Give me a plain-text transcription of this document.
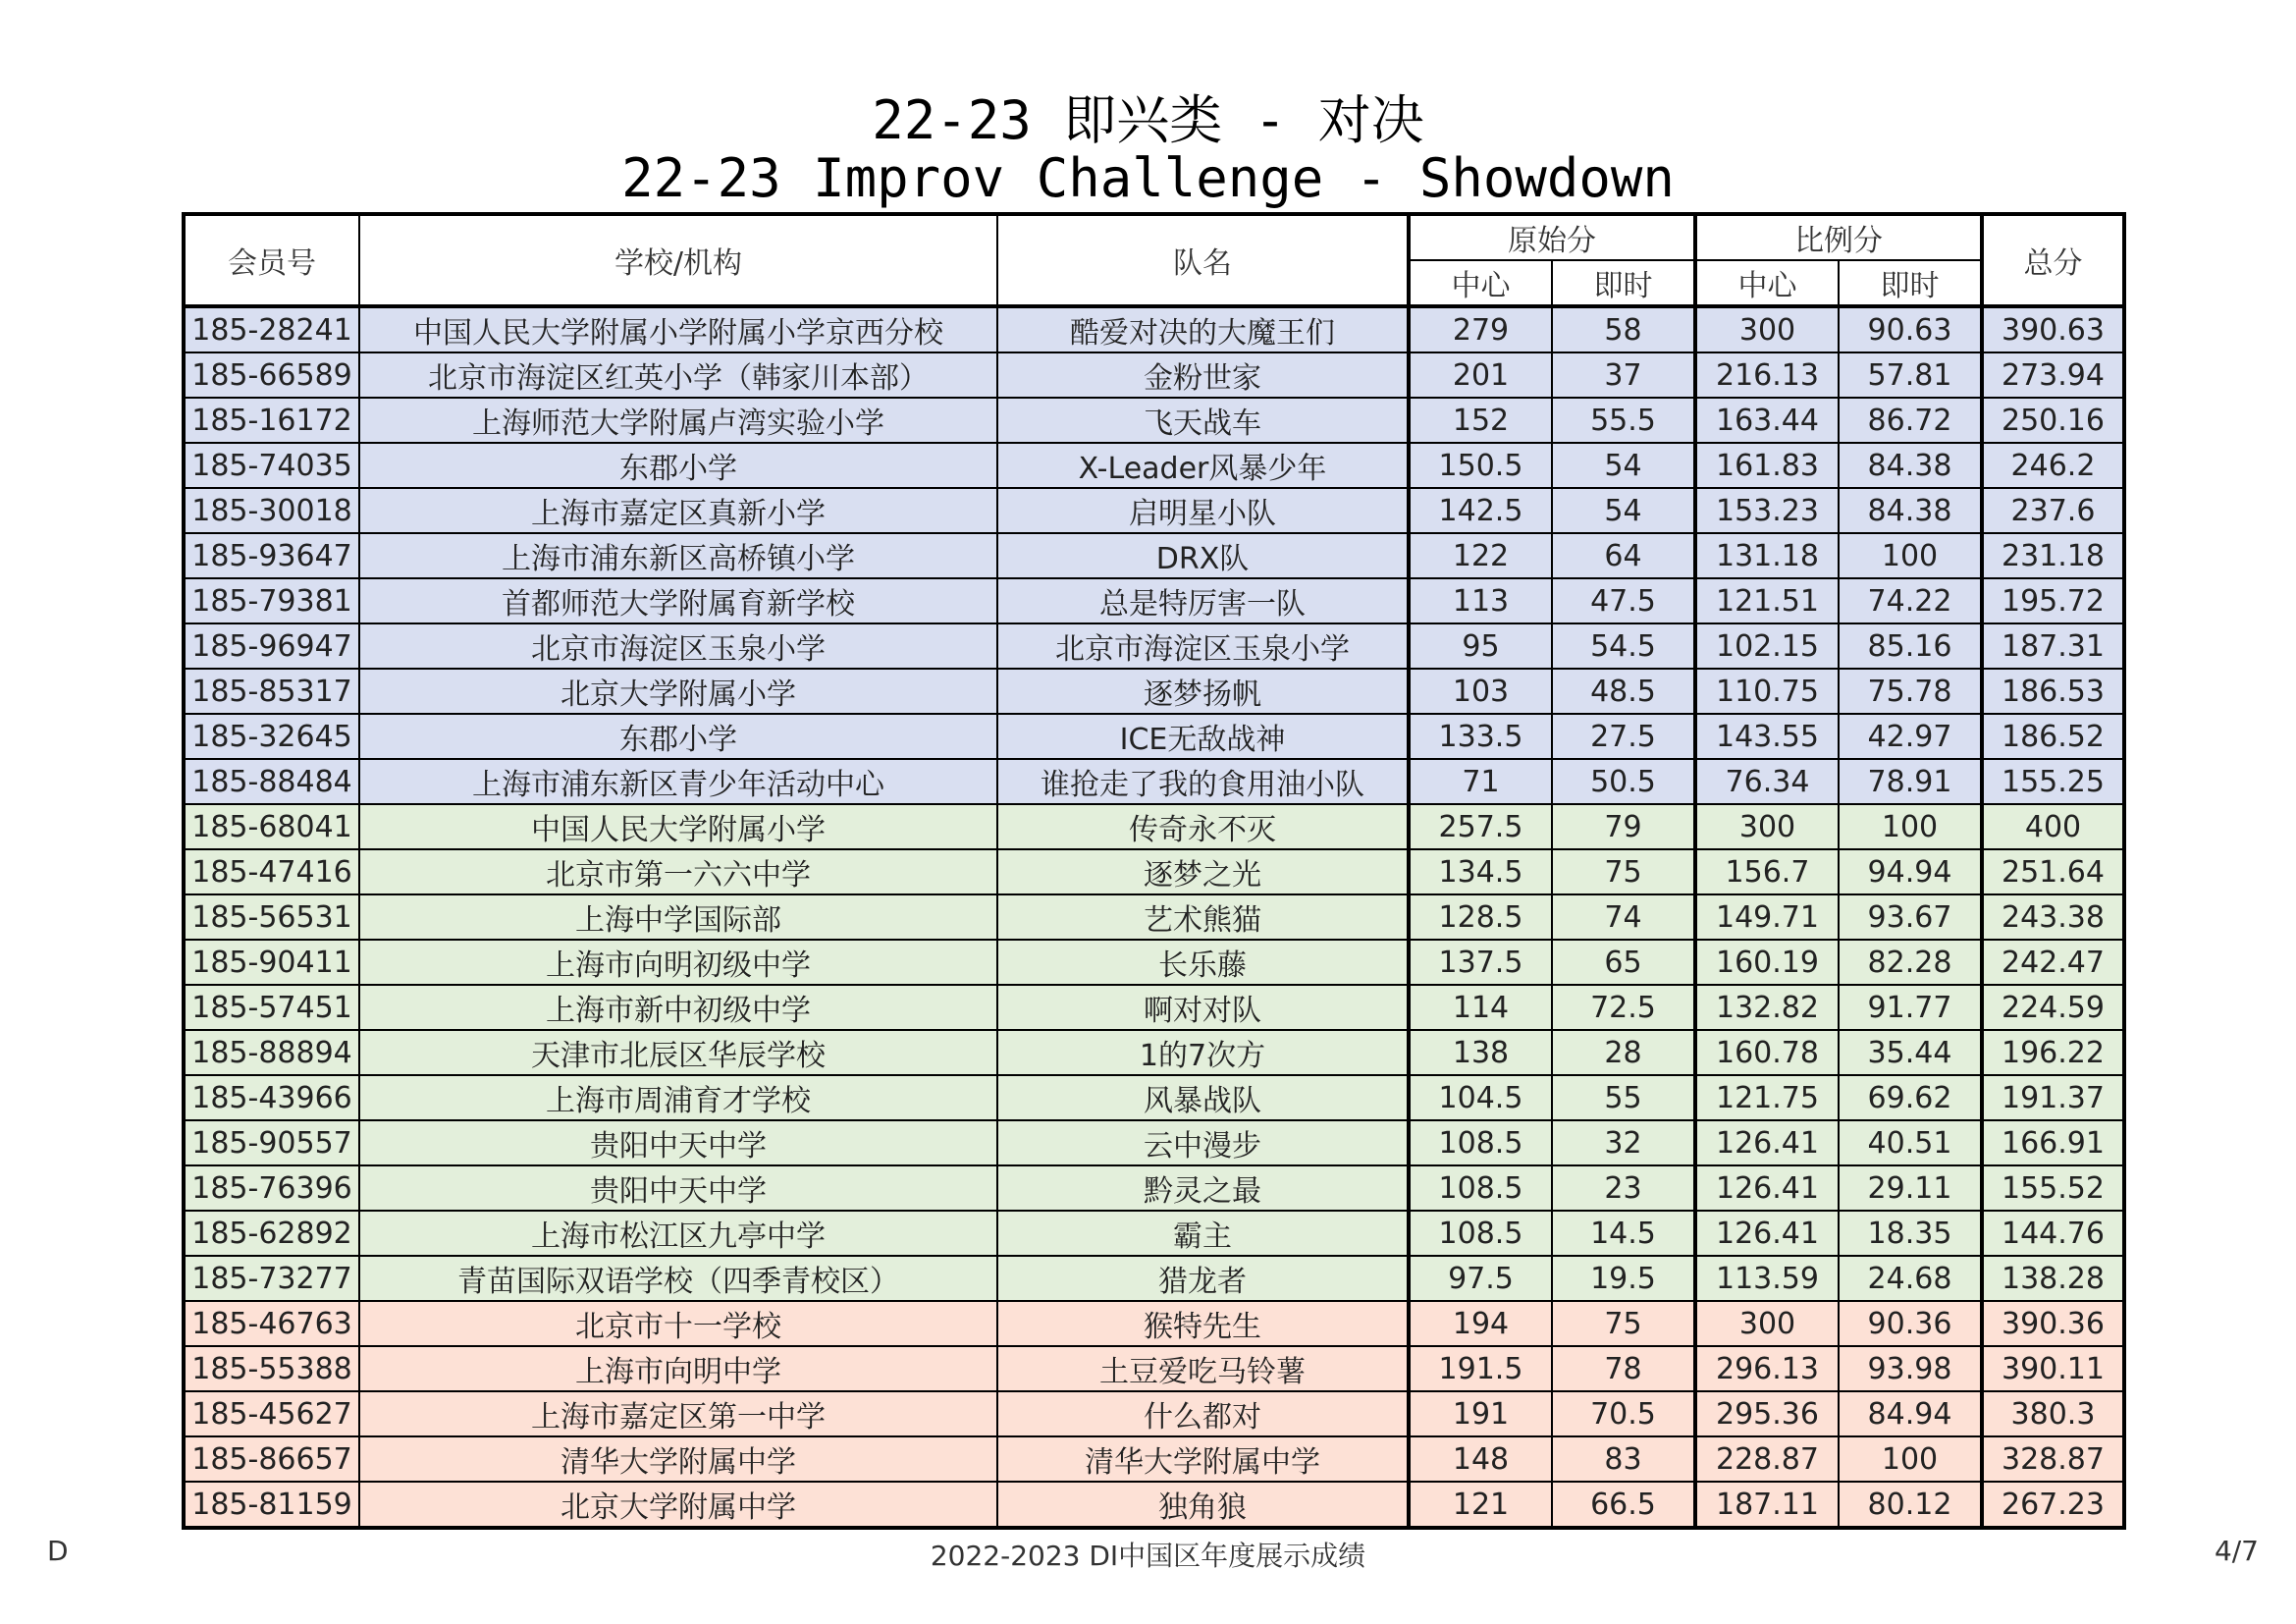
22-23 即兴类 - 对决
22-23 Improv Challenge - Showdown
会员号	学校/机构	队名	原始分		比例分		总分
			中心	即时	中心	即时	
185-28241	中国人民大学附属小学附属小学京西分校	酷爱对决的大魔王们	279	58	300	90.63	390.63
185-66589	北京市海淀区红英小学（韩家川本部）	金粉世家	201	37	216.13	57.81	273.94
185-16172	上海师范大学附属卢湾实验小学	飞天战车	152	55.5	163.44	86.72	250.16
185-74035	东郡小学	X-Leader风暴少年	150.5	54	161.83	84.38	246.2
185-30018	上海市嘉定区真新小学	启明星小队	142.5	54	153.23	84.38	237.6
185-93647	上海市浦东新区高桥镇小学	DRX队	122	64	131.18	100	231.18
185-79381	首都师范大学附属育新学校	总是特厉害一队	113	47.5	121.51	74.22	195.72
185-96947	北京市海淀区玉泉小学	北京市海淀区玉泉小学	95	54.5	102.15	85.16	187.31
185-85317	北京大学附属小学	逐梦扬帆	103	48.5	110.75	75.78	186.53
185-32645	东郡小学	ICE无敌战神	133.5	27.5	143.55	42.97	186.52
185-88484	上海市浦东新区青少年活动中心	谁抢走了我的食用油小队	71	50.5	76.34	78.91	155.25
185-68041	中国人民大学附属小学	传奇永不灭	257.5	79	300	100	400
185-47416	北京市第一六六中学	逐梦之光	134.5	75	156.7	94.94	251.64
185-56531	上海中学国际部	艺术熊猫	128.5	74	149.71	93.67	243.38
185-90411	上海市向明初级中学	长乐藤	137.5	65	160.19	82.28	242.47
185-57451	上海市新中初级中学	啊对对队	114	72.5	132.82	91.77	224.59
185-88894	天津市北辰区华辰学校	1的7次方	138	28	160.78	35.44	196.22
185-43966	上海市周浦育才学校	风暴战队	104.5	55	121.75	69.62	191.37
185-90557	贵阳中天中学	云中漫步	108.5	32	126.41	40.51	166.91
185-76396	贵阳中天中学	黔灵之最	108.5	23	126.41	29.11	155.52
185-62892	上海市松江区九亭中学	霸主	108.5	14.5	126.41	18.35	144.76
185-73277	青苗国际双语学校（四季青校区）	猎龙者	97.5	19.5	113.59	24.68	138.28
185-46763	北京市十一学校	猴特先生	194	75	300	90.36	390.36
185-55388	上海市向明中学	土豆爱吃马铃薯	191.5	78	296.13	93.98	390.11
185-45627	上海市嘉定区第一中学	什么都对	191	70.5	295.36	84.94	380.3
185-86657	清华大学附属中学	清华大学附属中学	148	83	228.87	100	328.87
185-81159	北京大学附属中学	独角狼	121	66.5	187.11	80.12	267.23
D	2022-2023 DI中国区年度展示成绩	4/7
